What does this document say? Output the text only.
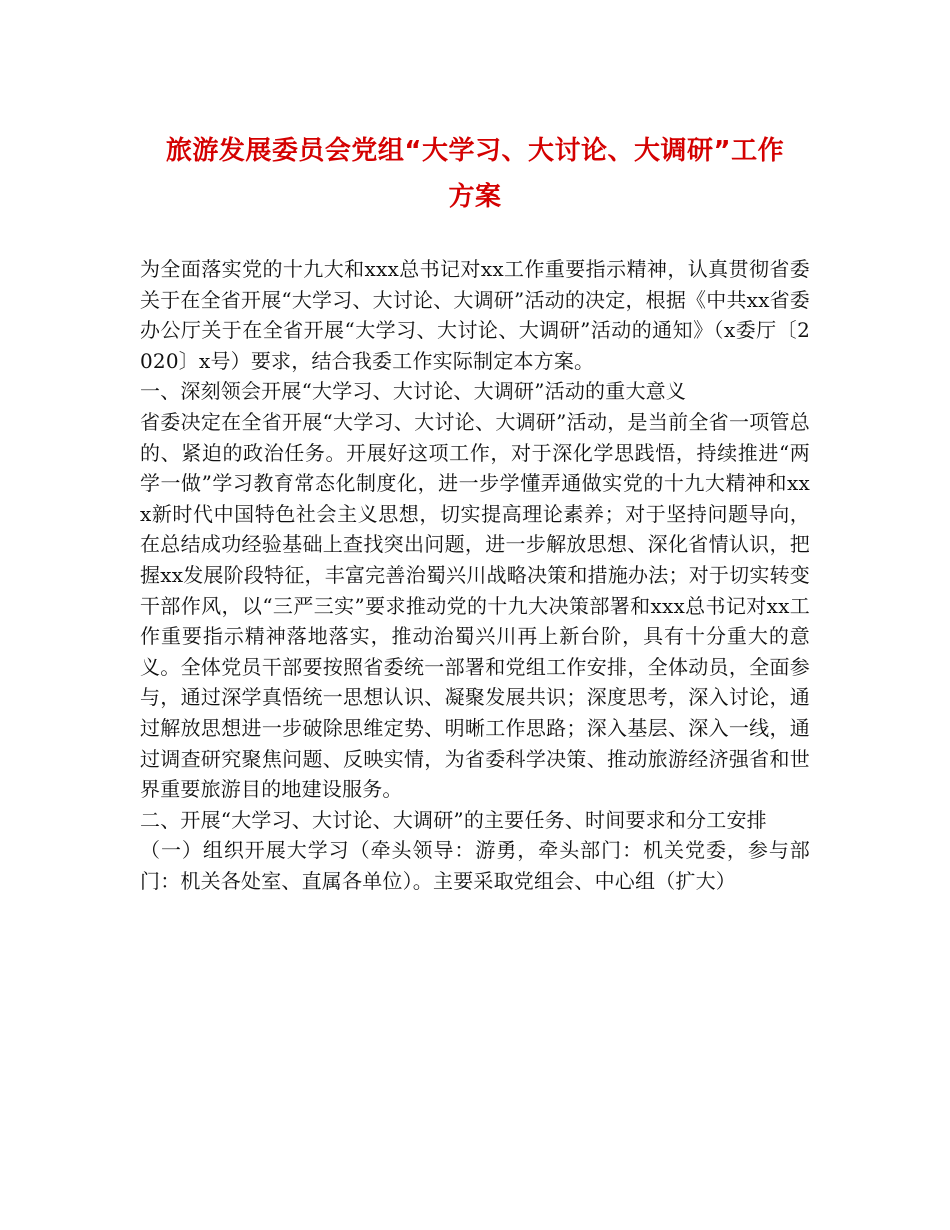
旅游发展委员会党组“大学习、大讨论、大调研”工作
方案

为全面落实党的十九大和xxx总书记对xx工作重要指示精神，认真贯彻省委关于在全省开展“大学习、大讨论、大调研”活动的决定，根据《中共xx省委办公厅关于在全省开展“大学习、大讨论、大调研”活动的通知》（x委厅〔2020〕x号）要求，结合我委工作实际制定本方案。

一、深刻领会开展“大学习、大讨论、大调研”活动的重大意义

省委决定在全省开展“大学习、大讨论、大调研”活动，是当前全省一项管总的、紧迫的政治任务。开展好这项工作，对于深化学思践悟，持续推进“两学一做”学习教育常态化制度化，进一步学懂弄通做实党的十九大精神和xxx新时代中国特色社会主义思想，切实提高理论素养；对于坚持问题导向，在总结成功经验基础上查找突出问题，进一步解放思想、深化省情认识，把握xx发展阶段特征，丰富完善治蜀兴川战略决策和措施办法；对于切实转变干部作风，以“三严三实”要求推动党的十九大决策部署和xxx总书记对xx工作重要指示精神落地落实，推动治蜀兴川再上新台阶，具有十分重大的意义。全体党员干部要按照省委统一部署和党组工作安排，全体动员，全面参与，通过深学真悟统一思想认识、凝聚发展共识；深度思考，深入讨论，通过解放思想进一步破除思维定势、明晰工作思路；深入基层、深入一线，通过调查研究聚焦问题、反映实情，为省委科学决策、推动旅游经济强省和世界重要旅游目的地建设服务。

二、开展“大学习、大讨论、大调研”的主要任务、时间要求和分工安排

（一）组织开展大学习（牵头领导：游勇，牵头部门：机关党委，参与部门：机关各处室、直属各单位）。主要采取党组会、中心组（扩大）
